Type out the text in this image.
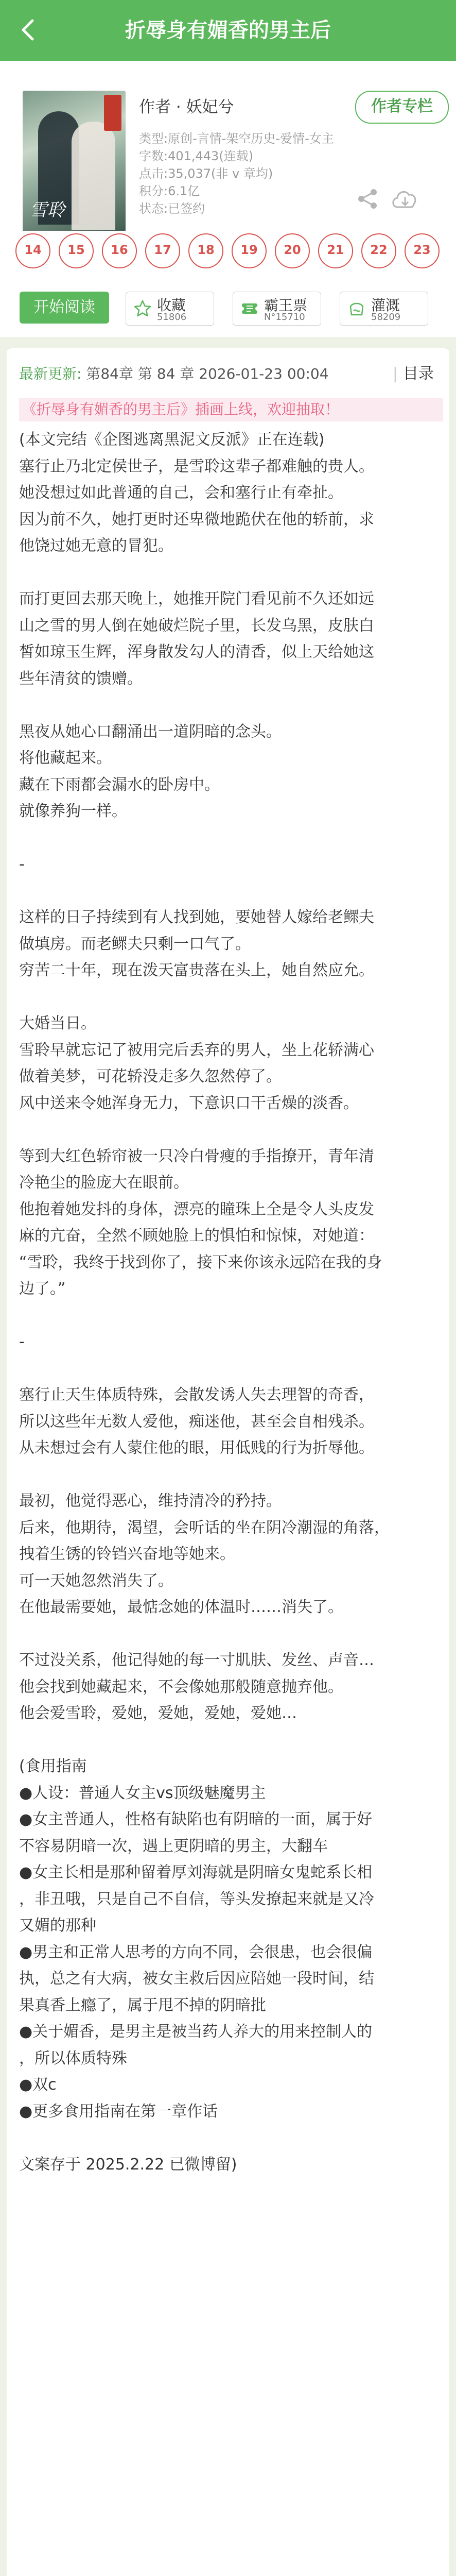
折辱身有媚香的男主后
雪聆
作者 · 妖妃兮	作者专栏
类型:原创-言情-架空历史-爱情-女主
字数:401,443(连载)
点击:35,037(非 v 章均)
积分:6.1亿
状态:已签约
14	15	16	17	18	19	20	21	22	23
开始阅读	收藏
51806
霸王票
N°15710
灌溉
58209
最新更新: 第84章 第 84 章 2026-01-23 00:04	| 目录
《折辱身有媚香的男主后》插画上线，欢迎抽取！

(本文完结《企图逃离黑泥文反派》正在连载)

塞行止乃北定侯世子，是雪聆这辈子都难触的贵人。

她没想过如此普通的自己，会和塞行止有牵扯。

因为前不久，她打更时还卑微地跪伏在他的轿前，求

他饶过她无意的冒犯。

而打更回去那天晚上，她推开院门看见前不久还如远

山之雪的男人倒在她破烂院子里，长发乌黑，皮肤白

皙如琼玉生辉，浑身散发勾人的清香，似上天给她这

些年清贫的馈赠。

黑夜从她心口翻涌出一道阴暗的念头。

将他藏起来。

藏在下雨都会漏水的卧房中。

就像养狗一样。

-

这样的日子持续到有人找到她，要她替人嫁给老鳏夫

做填房。而老鳏夫只剩一口气了。

穷苦二十年，现在泼天富贵落在头上，她自然应允。

大婚当日。

雪聆早就忘记了被用完后丢弃的男人，坐上花轿满心

做着美梦，可花轿没走多久忽然停了。

风中送来令她浑身无力，下意识口干舌燥的淡香。

等到大红色轿帘被一只冷白骨瘦的手指撩开，青年清

冷艳尘的脸庞大在眼前。

他抱着她发抖的身体，漂亮的瞳珠上全是令人头皮发

麻的亢奋，全然不顾她脸上的惧怕和惊悚，对她道：

“雪聆，我终于找到你了，接下来你该永远陪在我的身

边了。”

-

塞行止天生体质特殊，会散发诱人失去理智的奇香，

所以这些年无数人爱他，痴迷他，甚至会自相残杀。

从未想过会有人蒙住他的眼，用低贱的行为折辱他。

最初，他觉得恶心，维持清冷的矜持。

后来，他期待，渴望，会听话的坐在阴冷潮湿的角落，

拽着生锈的铃铛兴奋地等她来。

可一天她忽然消失了。

在他最需要她，最惦念她的体温时……消失了。

不过没关系，他记得她的每一寸肌肤、发丝、声音…

他会找到她藏起来，不会像她那般随意抛弃他。

他会爱雪聆，爱她，爱她，爱她，爱她…

(食用指南

●人设：普通人女主vs顶级魅魔男主

●女主普通人，性格有缺陷也有阴暗的一面，属于好

不容易阴暗一次，遇上更阴暗的男主，大翻车

●女主长相是那种留着厚刘海就是阴暗女鬼蛇系长相

，非丑哦，只是自己不自信，等头发撩起来就是又冷

又媚的那种

●男主和正常人思考的方向不同，会很患，也会很偏

执，总之有大病，被女主救后因应陪她一段时间，结

果真香上瘾了，属于甩不掉的阴暗批

●关于媚香，是男主是被当药人养大的用来控制人的

，所以体质特殊

●双c

●更多食用指南在第一章作话

文案存于 2025.2.22 已微博留)
